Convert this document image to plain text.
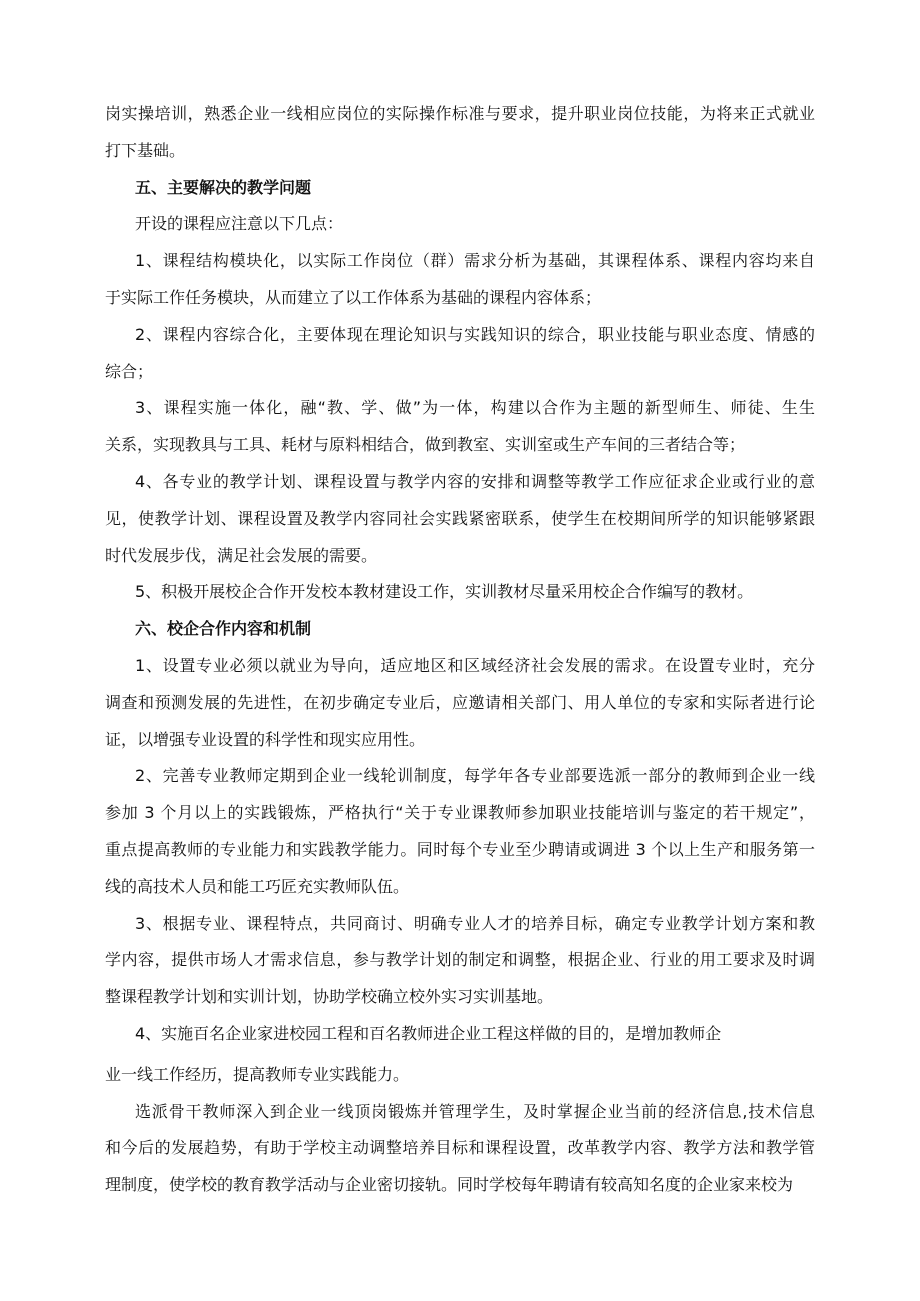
岗实操培训，熟悉企业一线相应岗位的实际操作标准与要求，提升职业岗位技能，为将来正式就业
打下基础。
五、主要解决的教学问题
开设的课程应注意以下几点：
1、课程结构模块化，以实际工作岗位（群）需求分析为基础，其课程体系、课程内容均来自
于实际工作任务模块，从而建立了以工作体系为基础的课程内容体系；
2、课程内容综合化，主要体现在理论知识与实践知识的综合，职业技能与职业态度、情感的
综合；
3、课程实施一体化，融“教、学、做”为一体，构建以合作为主题的新型师生、师徒、生生
关系，实现教具与工具、耗材与原料相结合，做到教室、实训室或生产车间的三者结合等；
4、各专业的教学计划、课程设置与教学内容的安排和调整等教学工作应征求企业或行业的意
见，使教学计划、课程设置及教学内容同社会实践紧密联系，使学生在校期间所学的知识能够紧跟
时代发展步伐，满足社会发展的需要。
5、积极开展校企合作开发校本教材建设工作，实训教材尽量采用校企合作编写的教材。
六、校企合作内容和机制
1、设置专业必须以就业为导向，适应地区和区域经济社会发展的需求。在设置专业时，充分
调查和预测发展的先进性，在初步确定专业后，应邀请相关部门、用人单位的专家和实际者进行论
证，以增强专业设置的科学性和现实应用性。
2、完善专业教师定期到企业一线轮训制度，每学年各专业部要选派一部分的教师到企业一线
参加 3 个月以上的实践锻炼，严格执行“关于专业课教师参加职业技能培训与鉴定的若干规定”，
重点提高教师的专业能力和实践教学能力。同时每个专业至少聘请或调进 3 个以上生产和服务第一
线的高技术人员和能工巧匠充实教师队伍。
3、根据专业、课程特点，共同商讨、明确专业人才的培养目标，确定专业教学计划方案和教
学内容，提供市场人才需求信息，参与教学计划的制定和调整，根据企业、行业的用工要求及时调
整课程教学计划和实训计划，协助学校确立校外实习实训基地。
4、实施百名企业家进校园工程和百名教师进企业工程这样做的目的，是增加教师企
业一线工作经历，提高教师专业实践能力。
选派骨干教师深入到企业一线顶岗锻炼并管理学生，及时掌握企业当前的经济信息,技术信息
和今后的发展趋势，有助于学校主动调整培养目标和课程设置，改革教学内容、教学方法和教学管
理制度，使学校的教育教学活动与企业密切接轨。同时学校每年聘请有较高知名度的企业家来校为
